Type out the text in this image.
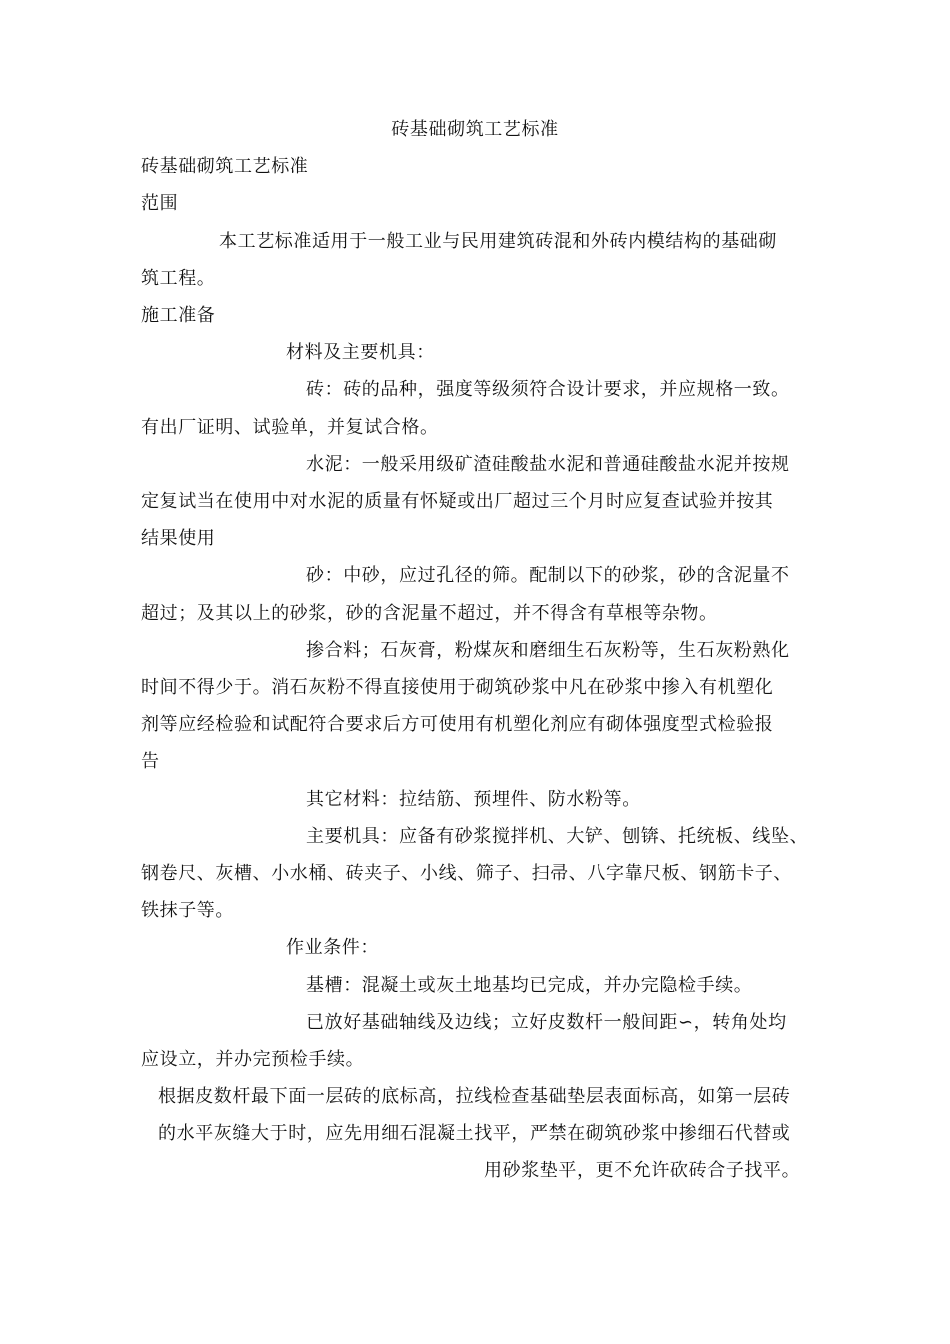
砖基础砌筑工艺标准

砖基础砌筑工艺标准

范围

本工艺标准适用于一般工业与民用建筑砖混和外砖内模结构的基础砌

筑工程。

施工准备

材料及主要机具：

砖：砖的品种，强度等级须符合设计要求，并应规格一致。

有出厂证明、试验单，并复试合格。

水泥：一般采用级矿渣硅酸盐水泥和普通硅酸盐水泥并按规

定复试当在使用中对水泥的质量有怀疑或出厂超过三个月时应复查试验并按其

结果使用

砂：中砂，应过孔径的筛。配制以下的砂浆，砂的含泥量不

超过；及其以上的砂浆，砂的含泥量不超过，并不得含有草根等杂物。

掺合料；石灰膏，粉煤灰和磨细生石灰粉等，生石灰粉熟化

时间不得少于。消石灰粉不得直接使用于砌筑砂浆中凡在砂浆中掺入有机塑化

剂等应经检验和试配符合要求后方可使用有机塑化剂应有砌体强度型式检验报

告

其它材料：拉结筋、预埋件、防水粉等。

主要机具：应备有砂浆搅拌机、大铲、刨锛、托统板、线坠、

钢卷尺、灰槽、小水桶、砖夹子、小线、筛子、扫帚、八字靠尺板、钢筋卡子、

铁抹子等。

作业条件：

基槽：混凝土或灰土地基均已完成，并办完隐检手续。

已放好基础轴线及边线；立好皮数杆一般间距∽，转角处均

应设立，并办完预检手续。

根据皮数杆最下面一层砖的底标高，拉线检查基础垫层表面标高，如第一层砖

的水平灰缝大于时，应先用细石混凝土找平，严禁在砌筑砂浆中掺细石代替或

用砂浆垫平，更不允许砍砖合子找平。
